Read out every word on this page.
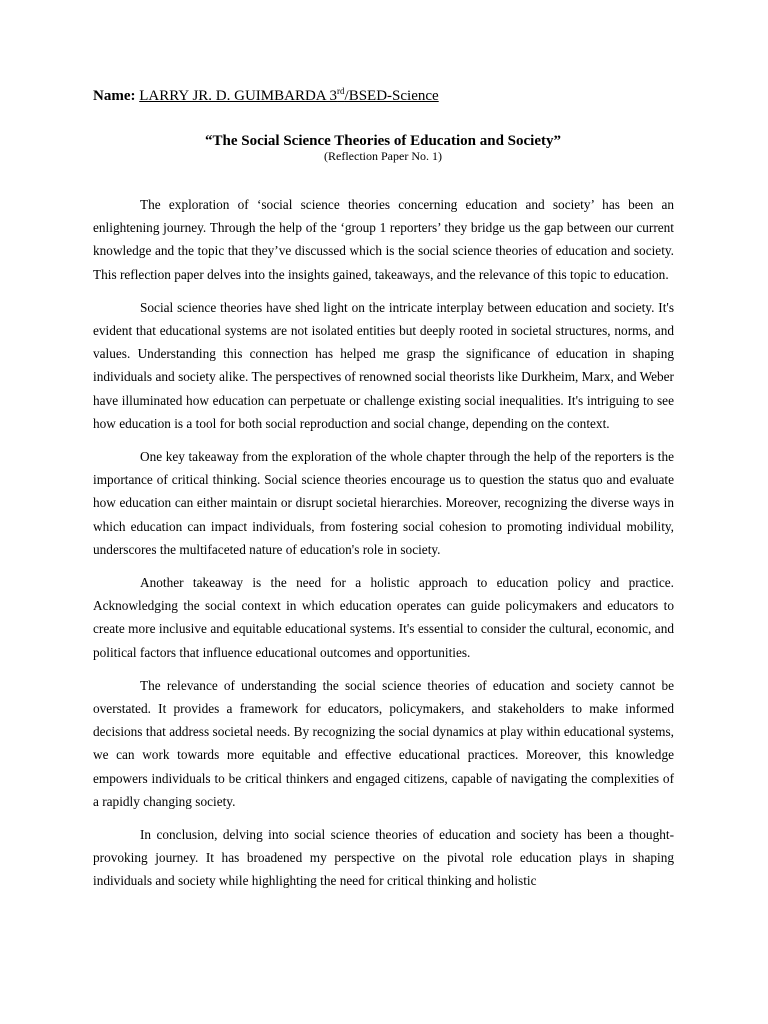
Name: LARRY JR. D. GUIMBARDA 3rd/BSED-Science
“The Social Science Theories of Education and Society”
(Reflection Paper No. 1)

The exploration of ‘social science theories concerning education and society’ has been an enlightening journey. Through the help of the ‘group 1 reporters’ they bridge us the gap between our current knowledge and the topic that they’ve discussed which is the social science theories of education and society. This reflection paper delves into the insights gained, takeaways, and the relevance of this topic to education.

Social science theories have shed light on the intricate interplay between education and society. It's evident that educational systems are not isolated entities but deeply rooted in societal structures, norms, and values. Understanding this connection has helped me grasp the significance of education in shaping individuals and society alike. The perspectives of renowned social theorists like Durkheim, Marx, and Weber have illuminated how education can perpetuate or challenge existing social inequalities. It's intriguing to see how education is a tool for both social reproduction and social change, depending on the context.

One key takeaway from the exploration of the whole chapter through the help of the reporters is the importance of critical thinking. Social science theories encourage us to question the status quo and evaluate how education can either maintain or disrupt societal hierarchies. Moreover, recognizing the diverse ways in which education can impact individuals, from fostering social cohesion to promoting individual mobility, underscores the multifaceted nature of education's role in society.

Another takeaway is the need for a holistic approach to education policy and practice. Acknowledging the social context in which education operates can guide policymakers and educators to create more inclusive and equitable educational systems. It's essential to consider the cultural, economic, and political factors that influence educational outcomes and opportunities.

The relevance of understanding the social science theories of education and society cannot be overstated. It provides a framework for educators, policymakers, and stakeholders to make informed decisions that address societal needs. By recognizing the social dynamics at play within educational systems, we can work towards more equitable and effective educational practices. Moreover, this knowledge empowers individuals to be critical thinkers and engaged citizens, capable of navigating the complexities of a rapidly changing society.

In conclusion, delving into social science theories of education and society has been a thought-provoking journey. It has broadened my perspective on the pivotal role education plays in shaping individuals and society while highlighting the need for critical thinking and holistic
